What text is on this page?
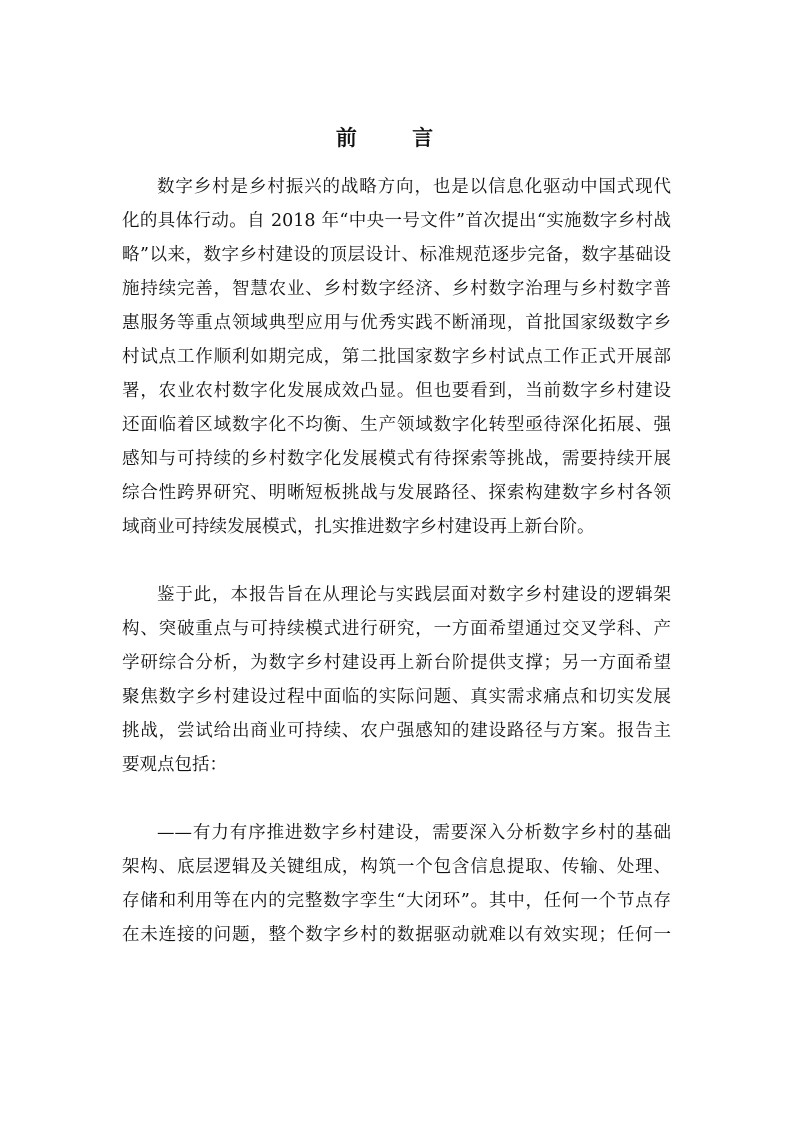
前 言
数字乡村是乡村振兴的战略方向，也是以信息化驱动中国式现代
化的具体行动。自 2018 年“中央一号文件”首次提出“实施数字乡村战
略”以来，数字乡村建设的顶层设计、标准规范逐步完备，数字基础设
施持续完善，智慧农业、乡村数字经济、乡村数字治理与乡村数字普
惠服务等重点领域典型应用与优秀实践不断涌现，首批国家级数字乡
村试点工作顺利如期完成，第二批国家数字乡村试点工作正式开展部
署，农业农村数字化发展成效凸显。但也要看到，当前数字乡村建设
还面临着区域数字化不均衡、生产领域数字化转型亟待深化拓展、强
感知与可持续的乡村数字化发展模式有待探索等挑战，需要持续开展
综合性跨界研究、明晰短板挑战与发展路径、探索构建数字乡村各领
域商业可持续发展模式，扎实推进数字乡村建设再上新台阶。
鉴于此，本报告旨在从理论与实践层面对数字乡村建设的逻辑架
构、突破重点与可持续模式进行研究，一方面希望通过交叉学科、产
学研综合分析，为数字乡村建设再上新台阶提供支撑；另一方面希望
聚焦数字乡村建设过程中面临的实际问题、真实需求痛点和切实发展
挑战，尝试给出商业可持续、农户强感知的建设路径与方案。报告主
要观点包括：
——有力有序推进数字乡村建设，需要深入分析数字乡村的基础
架构、底层逻辑及关键组成，构筑一个包含信息提取、传输、处理、
存储和利用等在内的完整数字孪生“大闭环”。其中，任何一个节点存
在未连接的问题，整个数字乡村的数据驱动就难以有效实现；任何一
